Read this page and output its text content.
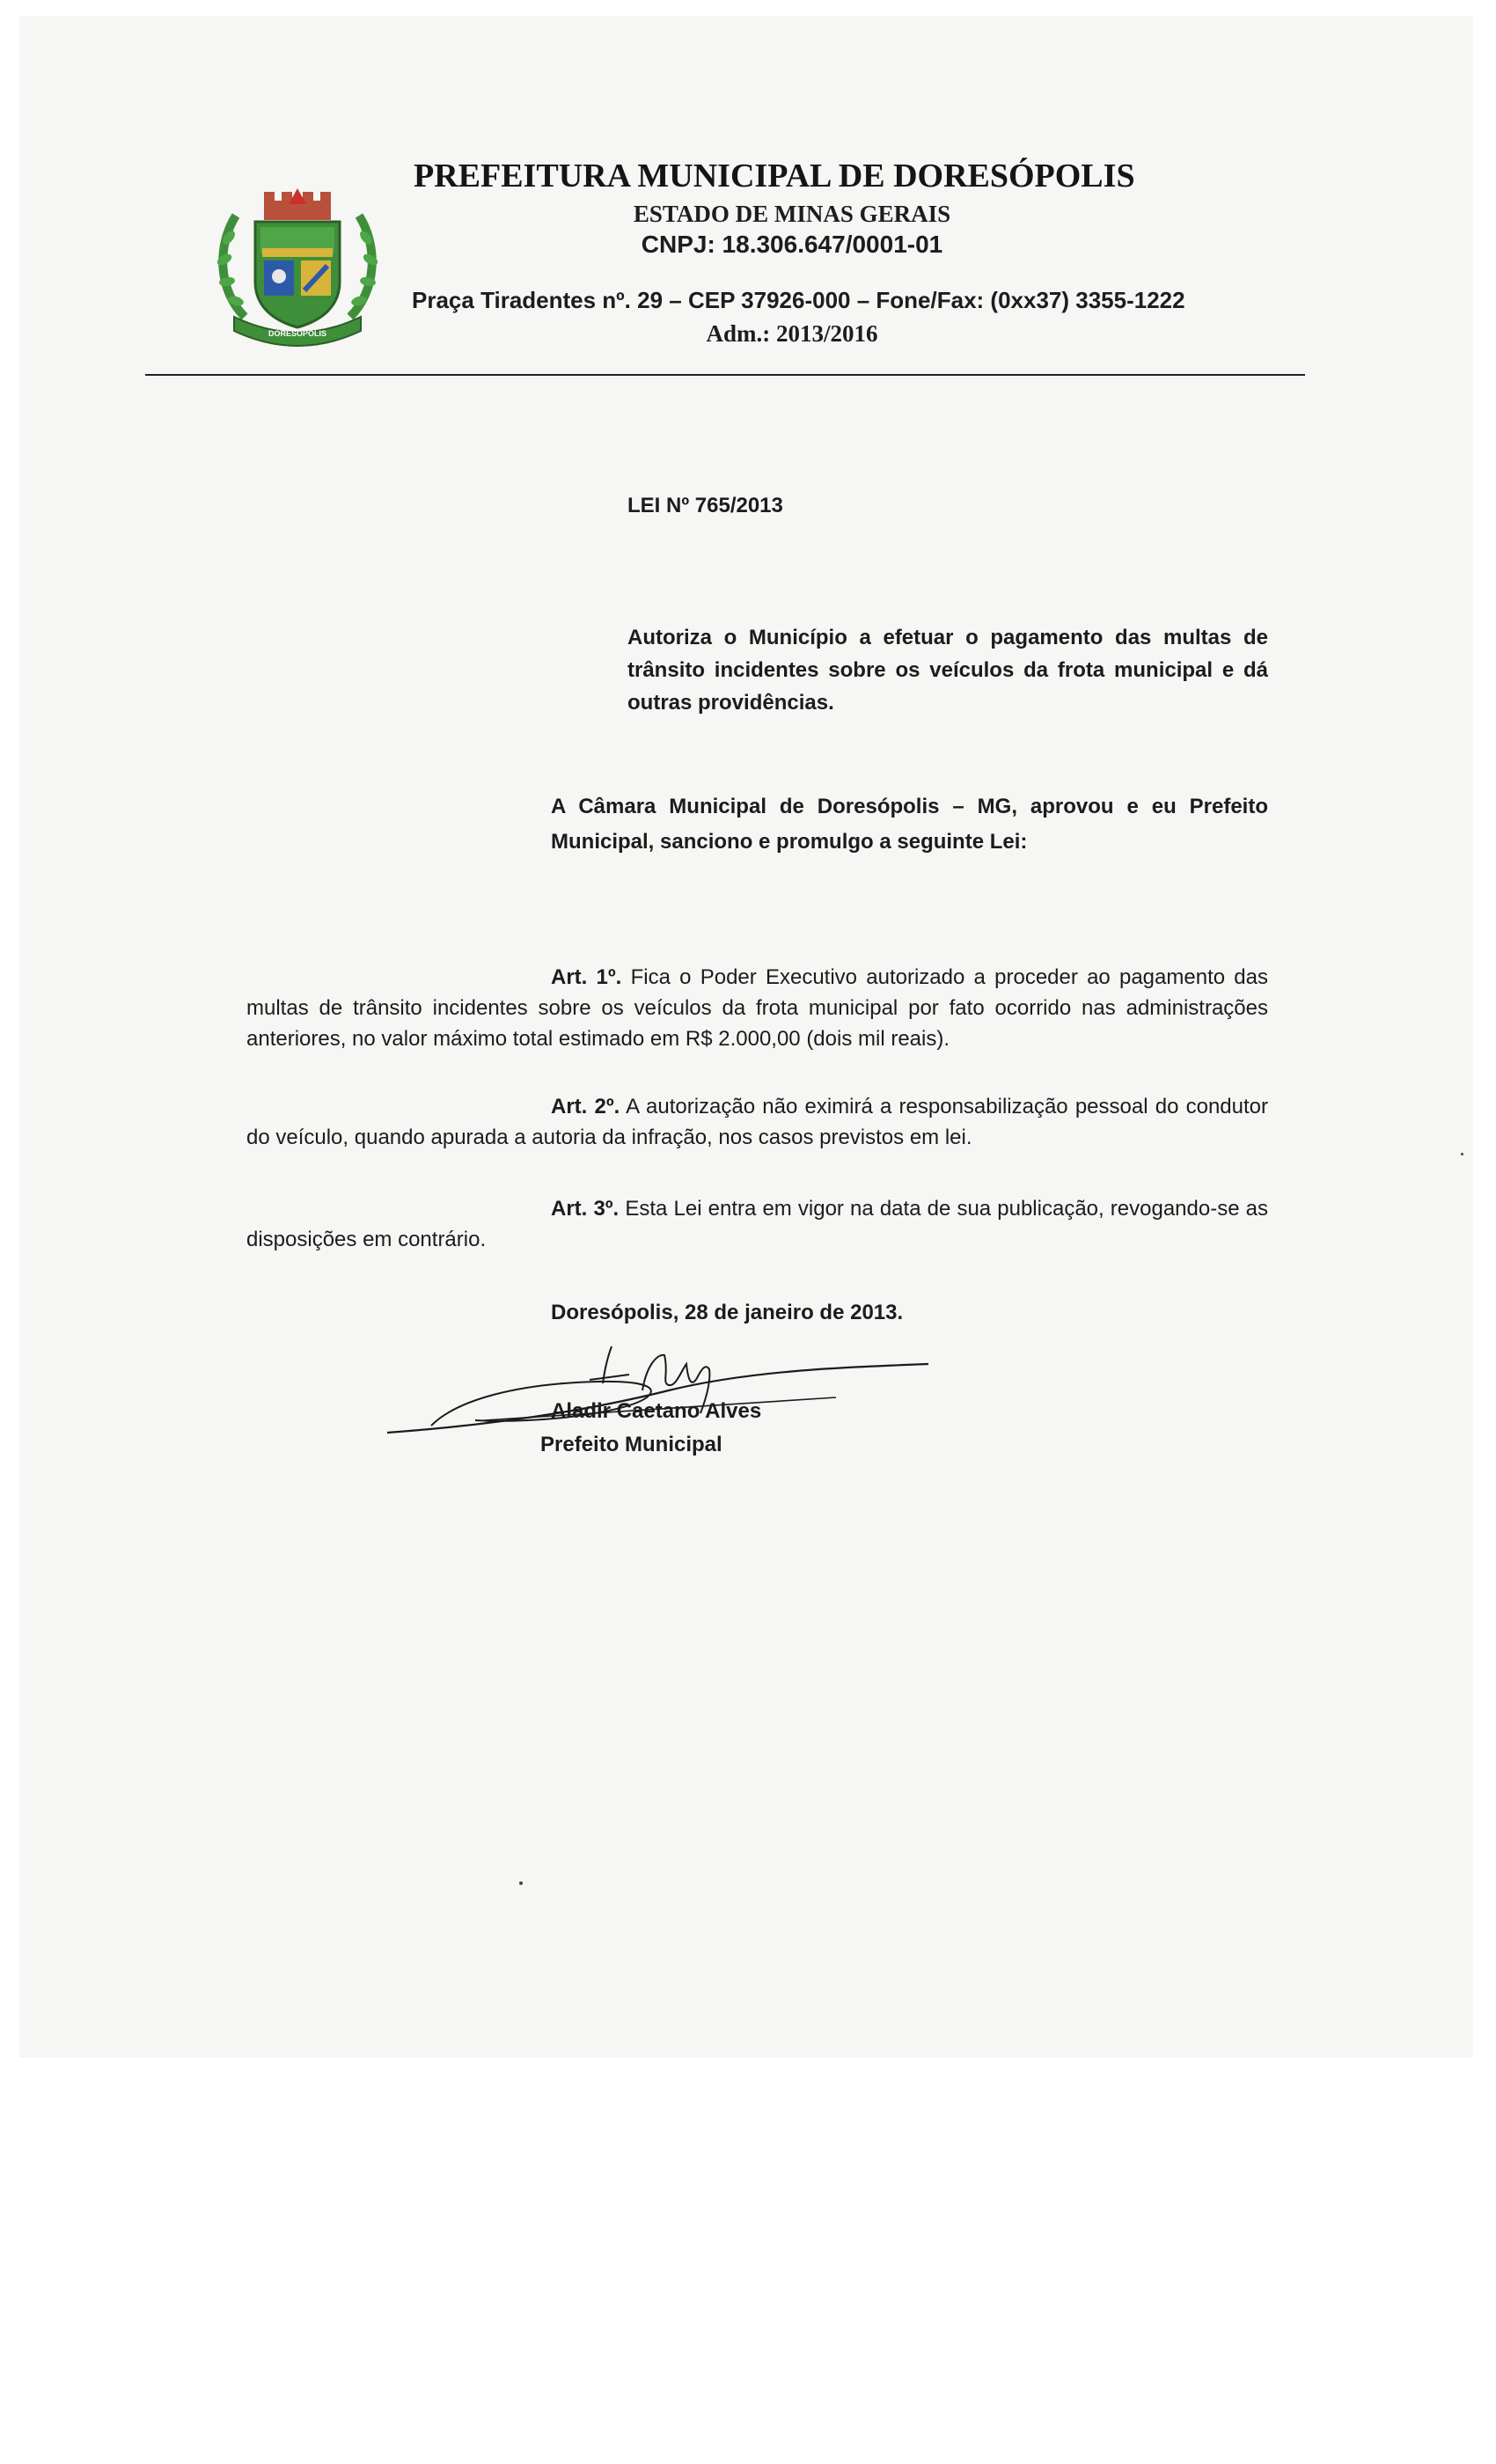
DORESÓPOLIS
PREFEITURA MUNICIPAL DE DORESÓPOLIS
ESTADO DE MINAS GERAIS
CNPJ: 18.306.647/0001-01
Praça Tiradentes nº. 29 – CEP 37926-000 – Fone/Fax: (0xx37) 3355-1222
Adm.: 2013/2016
LEI Nº 765/2013
Autoriza o Município a efetuar o pagamento das multas de trânsito incidentes sobre os veículos da frota municipal e dá outras providências.
A Câmara Municipal de Doresópolis – MG, aprovou e eu Prefeito Municipal, sanciono e promulgo a seguinte Lei:
Art. 1º. Fica o Poder Executivo autorizado a proceder ao pagamento das multas de trânsito incidentes sobre os veículos da frota municipal por fato ocorrido nas administrações anteriores, no valor máximo total estimado em R$ 2.000,00 (dois mil reais).
Art. 2º. A autorização não eximirá a responsabilização pessoal do condutor do veículo, quando apurada a autoria da infração, nos casos previstos em lei.
Art. 3º. Esta Lei entra em vigor na data de sua publicação, revogando-se as disposições em contrário.
Doresópolis, 28 de janeiro de 2013.
Aladir Caetano Alves
Prefeito Municipal
